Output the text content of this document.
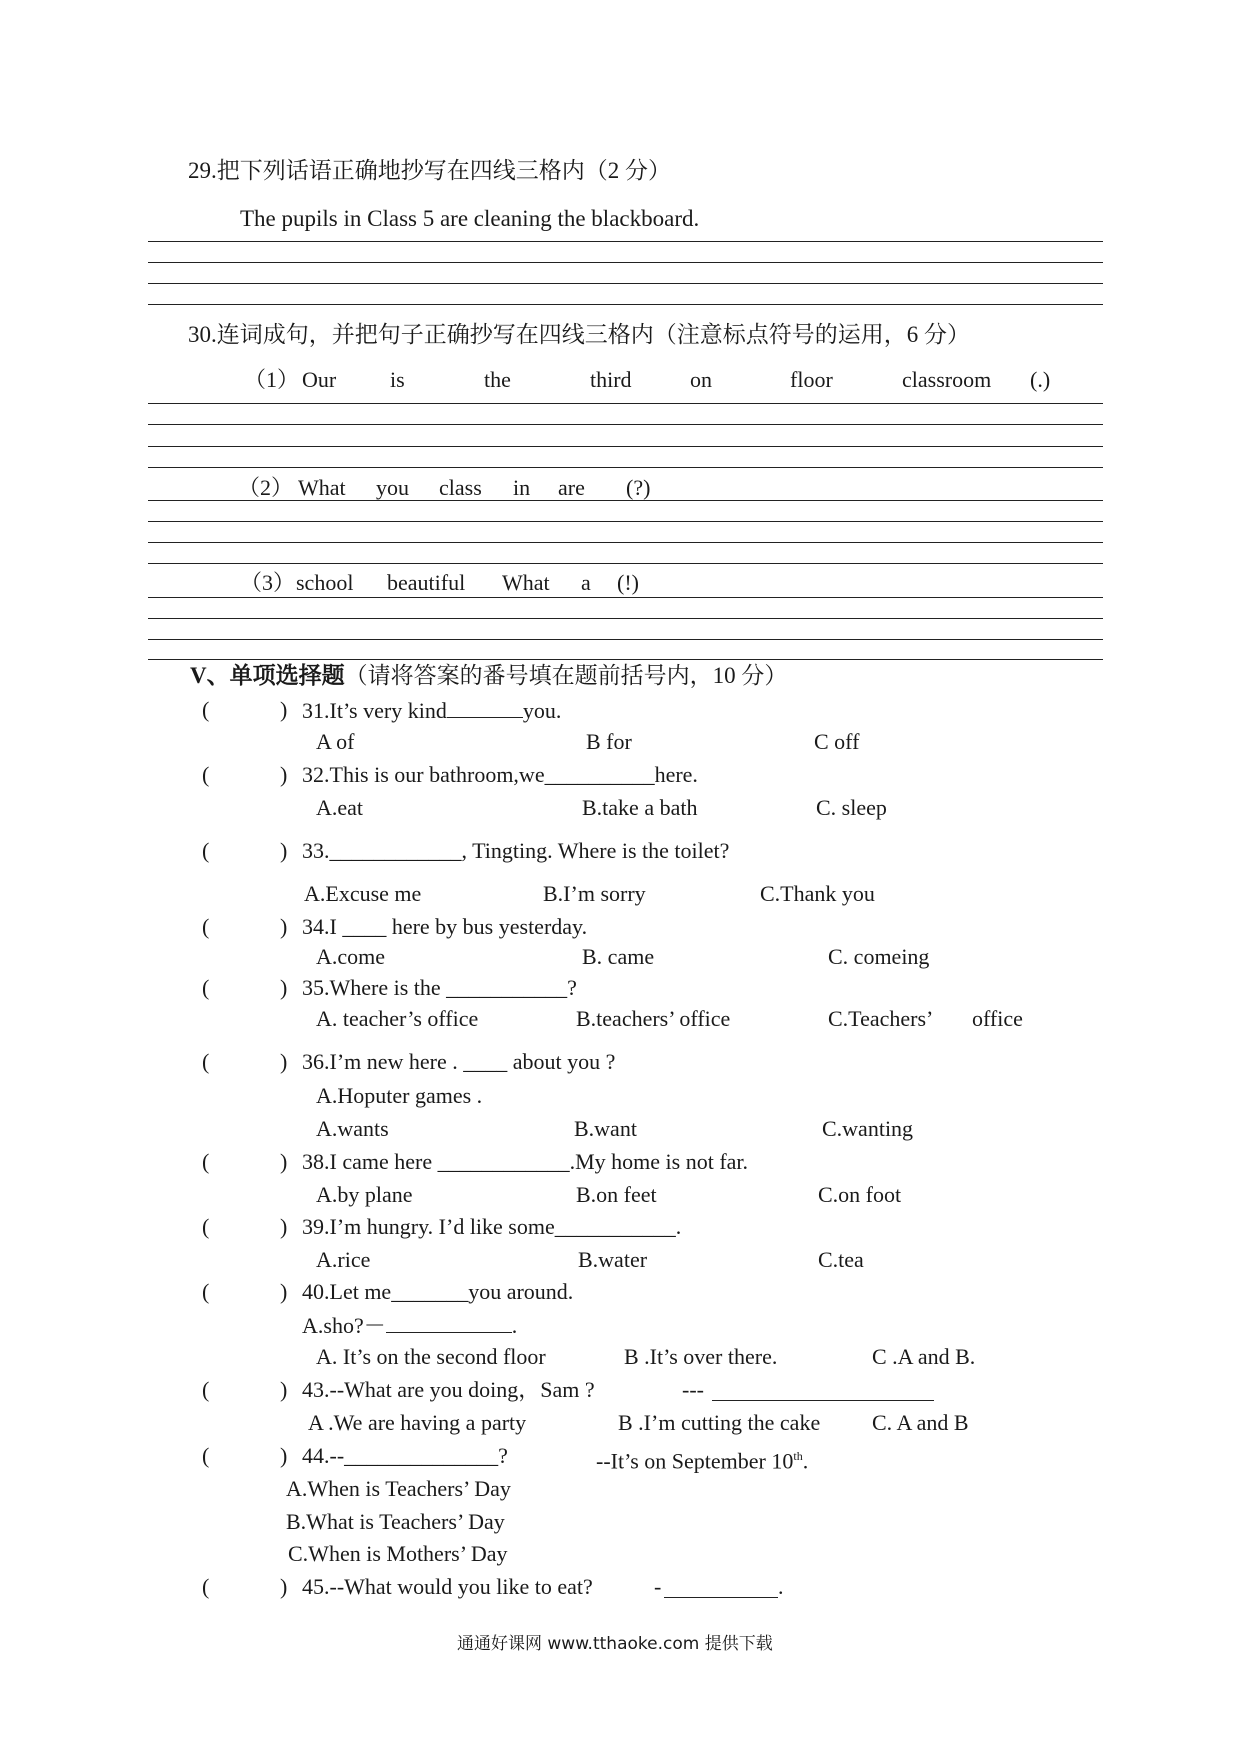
29.把下列话语正确地抄写在四线三格内（2 分）
The pupils in Class 5 are cleaning the blackboard.
30.连词成句，并把句子正确抄写在四线三格内（注意标点符号的运用，6 分）
（1） Our is	the	third	on	floor	classroom (.)
（2） What you class in are (?)
（3） school beautiful What a (!)
V、单项选择题（请将答案的番号填在题前括号内，10 分）
(	) 31.It’s very kind	you.
A of	B for	C off
(	) 32.This is our bathroom,we__________here.
A.eat	B.take a bath	C. sleep
(	) 33.____________, Tingting. Where is the toilet?
A.Excuse me	B.I’m sorry	C.Thank you
(	) 34.I ____ here by bus yesterday.
A.come	B. came	C. comeing
(	) 35.Where is the ___________?
A. teacher’s office	B.teachers’ office	C.Teachers’ office
(	) 36.I’m new here . ____ about you ?
A.Hoputer games .
A.wants	B.want	C.wanting
(	) 38.I came here ____________.My home is not far.
A.by plane	B.on feet	C.on foot
(	) 39.I’m hungry. I’d like some___________.
A.rice	B.water	C.tea
(	) 40.Let me_______you around.
A.sho?－	.
A. It’s on the second floor	B .It’s over there.	C .A and B.
(	) 43.--What are you doing，Sam ?	---
A .We are having a party	B .I’m cutting the cake C. A and B
(	) 44.--______________?	--It’s on September 10th.
A.When is Teachers’ Day
B.What is Teachers’ Day
C.When is Mothers’ Day
(	) 45.--What would you like to eat?	-	.
通通好课网 www.tthaoke.com 提供下载
